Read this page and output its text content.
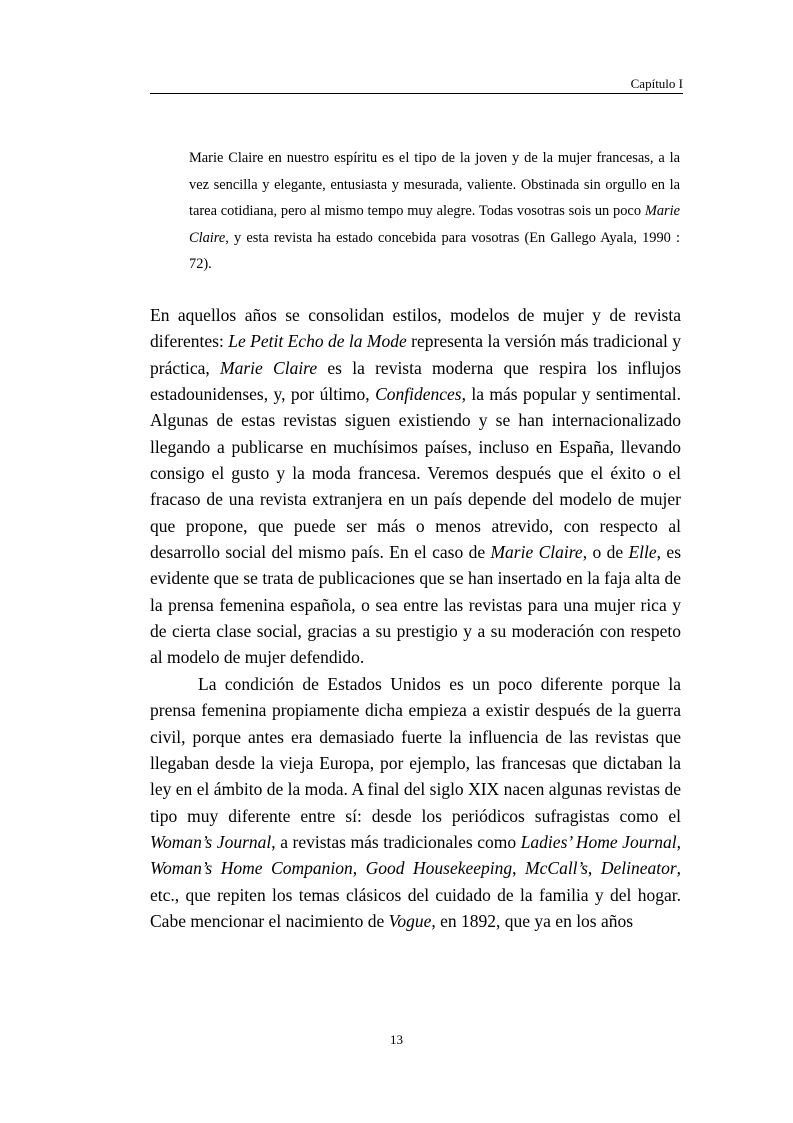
Capítulo I
Marie Claire en nuestro espíritu es el tipo de la joven y de la mujer francesas, a la vez sencilla y elegante, entusiasta y mesurada, valiente. Obstinada sin orgullo en la tarea cotidiana, pero al mismo tempo muy alegre. Todas vosotras sois un poco Marie Claire, y esta revista ha estado concebida para vosotras (En Gallego Ayala, 1990 : 72).

En aquellos años se consolidan estilos, modelos de mujer y de revista diferentes: Le Petit Echo de la Mode representa la versión más tradicional y práctica, Marie Claire es la revista moderna que respira los influjos estadounidenses, y, por último, Confidences, la más popular y sentimental. Algunas de estas revistas siguen existiendo y se han internacionalizado llegando a publicarse en muchísimos países, incluso en España, llevando consigo el gusto y la moda francesa. Veremos después que el éxito o el fracaso de una revista extranjera en un país depende del modelo de mujer que propone, que puede ser más o menos atrevido, con respecto al desarrollo social del mismo país. En el caso de Marie Claire, o de Elle, es evidente que se trata de publicaciones que se han insertado en la faja alta de la prensa femenina española, o sea entre las revistas para una mujer rica y de cierta clase social, gracias a su prestigio y a su moderación con respeto al modelo de mujer defendido.

La condición de Estados Unidos es un poco diferente porque la prensa femenina propiamente dicha empieza a existir después de la guerra civil, porque antes era demasiado fuerte la influencia de las revistas que llegaban desde la vieja Europa, por ejemplo, las francesas que dictaban la ley en el ámbito de la moda. A final del siglo XIX nacen algunas revistas de tipo muy diferente entre sí: desde los periódicos sufragistas como el Woman’s Journal, a revistas más tradicionales como Ladies’ Home Journal, Woman’s Home Companion, Good Housekeeping, McCall’s, Delineator, etc., que repiten los temas clásicos del cuidado de la familia y del hogar. Cabe mencionar el nacimiento de Vogue, en 1892, que ya en los años

13
